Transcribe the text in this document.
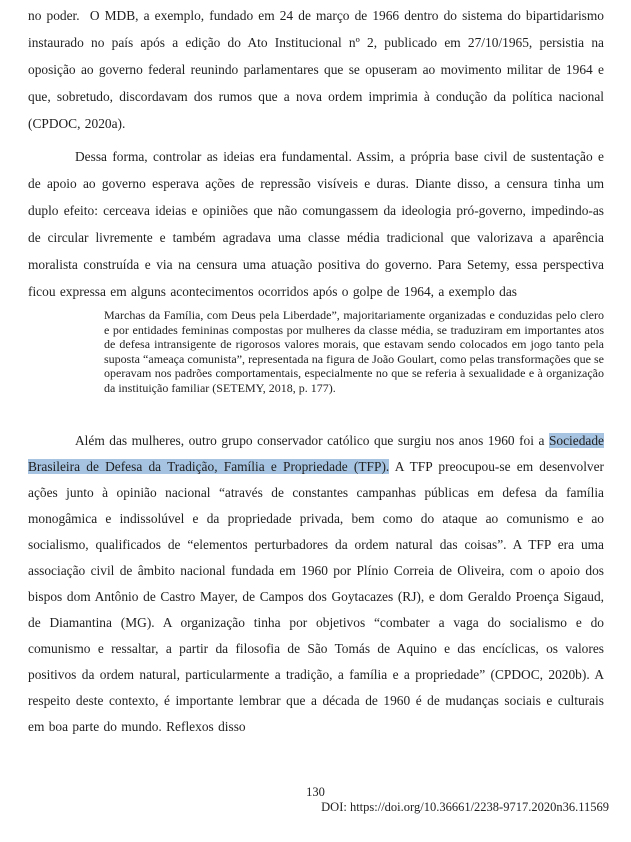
no poder.  O MDB, a exemplo, fundado em 24 de março de 1966 dentro do sistema do bipartidarismo instaurado no país após a edição do Ato Institucional nº 2, publicado em 27/10/1965, persistia na oposição ao governo federal reunindo parlamentares que se opuseram ao movimento militar de 1964 e que, sobretudo, discordavam dos rumos que a nova ordem imprimia à condução da política nacional (CPDOC, 2020a).

Dessa forma, controlar as ideias era fundamental. Assim, a própria base civil de sustentação e de apoio ao governo esperava ações de repressão visíveis e duras. Diante disso, a censura tinha um duplo efeito: cerceava ideias e opiniões que não comungassem da ideologia pró-governo, impedindo-as de circular livremente e também agradava uma classe média tradicional que valorizava a aparência moralista construída e via na censura uma atuação positiva do governo. Para Setemy, essa perspectiva ficou expressa em alguns acontecimentos ocorridos após o golpe de 1964, a exemplo das

Marchas da Família, com Deus pela Liberdade”, majoritariamente organizadas e conduzidas pelo clero e por entidades femininas compostas por mulheres da classe média, se traduziram em importantes atos de defesa intransigente de rigorosos valores morais, que estavam sendo colocados em jogo tanto pela suposta “ameaça comunista”, representada na figura de João Goulart, como pelas transformações que se operavam nos padrões comportamentais, especialmente no que se referia à sexualidade e à organização da instituição familiar (SETEMY, 2018, p. 177).

Além das mulheres, outro grupo conservador católico que surgiu nos anos 1960 foi a Sociedade Brasileira de Defesa da Tradição, Família e Propriedade (TFP). A TFP preocupou-se em desenvolver ações junto à opinião nacional “através de constantes campanhas públicas em defesa da família monogâmica e indissolúvel e da propriedade privada, bem como do ataque ao comunismo e ao socialismo, qualificados de “elementos perturbadores da ordem natural das coisas”. A TFP era uma associação civil de âmbito nacional fundada em 1960 por Plínio Correia de Oliveira, com o apoio dos bispos dom Antônio de Castro Mayer, de Campos dos Goytacazes (RJ), e dom Geraldo Proença Sigaud, de Diamantina (MG). A organização tinha por objetivos “combater a vaga do socialismo e do comunismo e ressaltar, a partir da filosofia de São Tomás de Aquino e das encíclicas, os valores positivos da ordem natural, particularmente a tradição, a família e a propriedade” (CPDOC, 2020b). A respeito deste contexto, é importante lembrar que a década de 1960 é de mudanças sociais e culturais em boa parte do mundo. Reflexos disso

130
DOI: https://doi.org/10.36661/2238-9717.2020n36.11569
